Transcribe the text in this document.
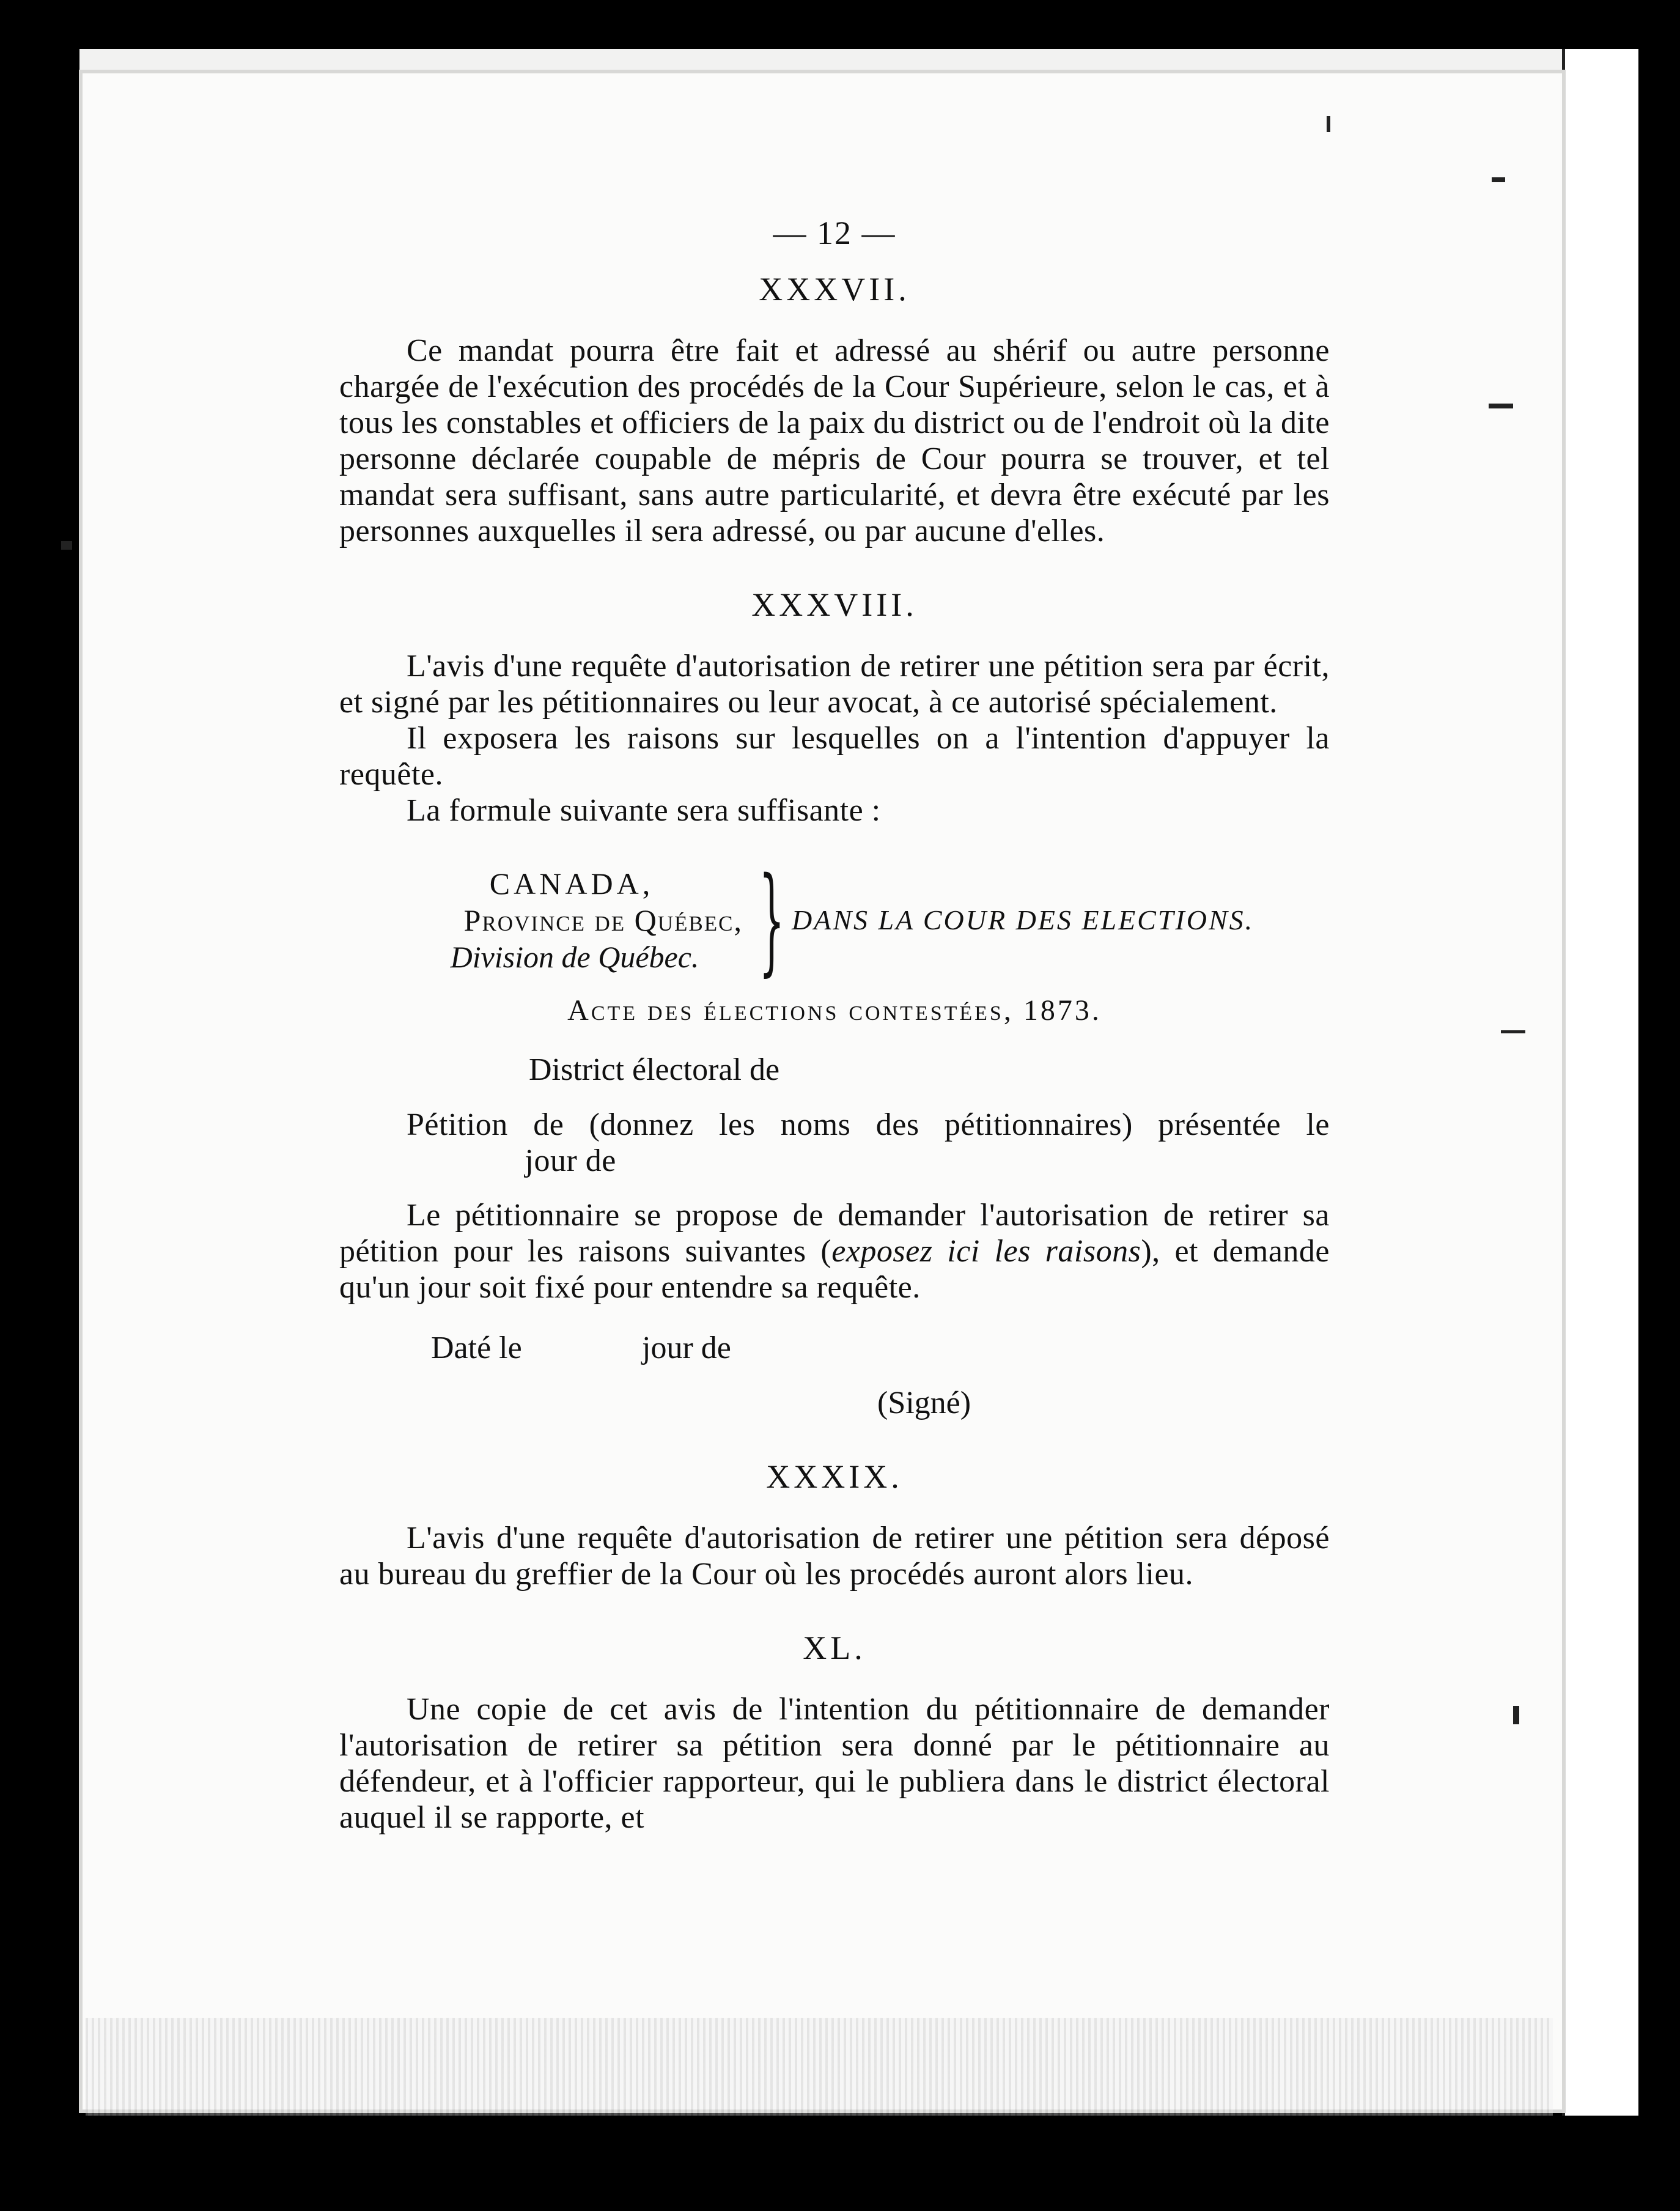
— 12 —
XXXVII.

Ce mandat pourra être fait et adressé au shérif ou autre personne chargée de l'exécution des procédés de la Cour Supérieure, selon le cas, et à tous les constables et officiers de la paix du district ou de l'endroit où la dite personne déclarée coupable de mépris de Cour pourra se trouver, et tel mandat sera suffisant, sans autre particularité, et devra être exécuté par les personnes auxquelles il sera adressé, ou par aucune d'elles.

XXXVIII.

L'avis d'une requête d'autorisation de retirer une pétition sera par écrit, et signé par les pétitionnaires ou leur avocat, à ce autorisé spécialement.

Il exposera les raisons sur lesquelles on a l'intention d'appuyer la requête.

La formule suivante sera suffisante :

CANADA,
Province de Québec,
Division de Québec. } DANS LA COUR DES ELECTIONS.
Acte des élections contestées, 1873.
District électoral de

Pétition de (donnez les noms des pétitionnaires) présentée le  jour de

Le pétitionnaire se propose de demander l'autorisation de retirer sa pétition pour les raisons suivantes (exposez ici les raisons), et demande qu'un jour soit fixé pour entendre sa requête.

Daté le	jour de
(Signé)
XXXIX.

L'avis d'une requête d'autorisation de retirer une pétition sera déposé au bureau du greffier de la Cour où les procédés auront alors lieu.

XL.

Une copie de cet avis de l'intention du pétitionnaire de demander l'autorisation de retirer sa pétition sera donné par le pétitionnaire au défendeur, et à l'officier rapporteur, qui le publiera dans le district électoral auquel il se rapporte, et
